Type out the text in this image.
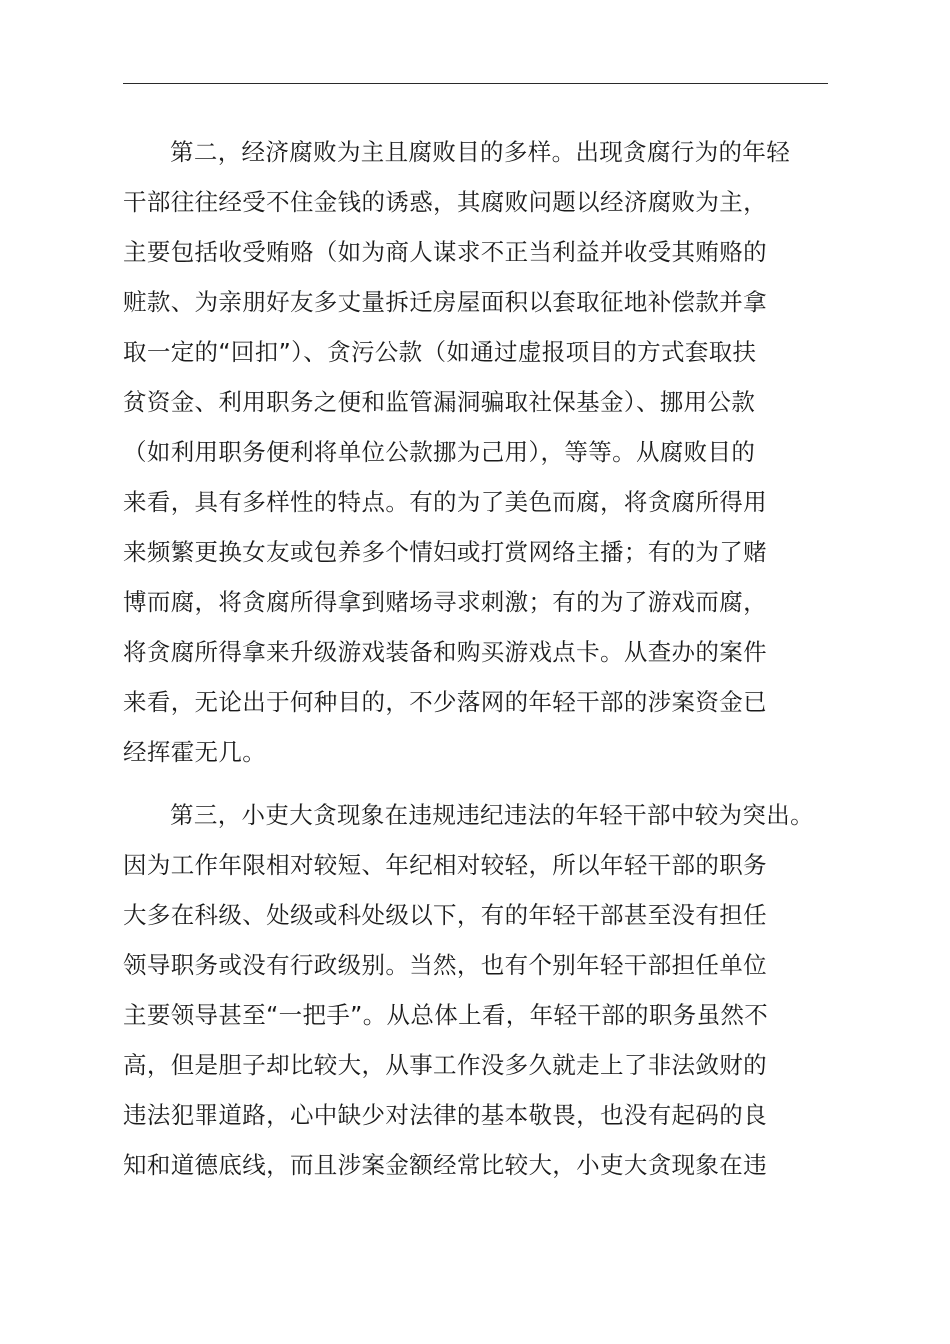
第二，经济腐败为主且腐败目的多样。出现贪腐行为的年轻
干部往往经受不住金钱的诱惑，其腐败问题以经济腐败为主，
主要包括收受贿赂（如为商人谋求不正当利益并收受其贿赂的
赃款、为亲朋好友多丈量拆迁房屋面积以套取征地补偿款并拿
取一定的“回扣”）、贪污公款（如通过虚报项目的方式套取扶
贫资金、利用职务之便和监管漏洞骗取社保基金）、挪用公款
（如利用职务便利将单位公款挪为己用），等等。从腐败目的
来看，具有多样性的特点。有的为了美色而腐，将贪腐所得用
来频繁更换女友或包养多个情妇或打赏网络主播；有的为了赌
博而腐，将贪腐所得拿到赌场寻求刺激；有的为了游戏而腐，
将贪腐所得拿来升级游戏装备和购买游戏点卡。从查办的案件
来看，无论出于何种目的，不少落网的年轻干部的涉案资金已
经挥霍无几。
第三，小吏大贪现象在违规违纪违法的年轻干部中较为突出。
因为工作年限相对较短、年纪相对较轻，所以年轻干部的职务
大多在科级、处级或科处级以下，有的年轻干部甚至没有担任
领导职务或没有行政级别。当然，也有个别年轻干部担任单位
主要领导甚至“一把手”。从总体上看，年轻干部的职务虽然不
高，但是胆子却比较大，从事工作没多久就走上了非法敛财的
违法犯罪道路，心中缺少对法律的基本敬畏，也没有起码的良
知和道德底线，而且涉案金额经常比较大，小吏大贪现象在违
